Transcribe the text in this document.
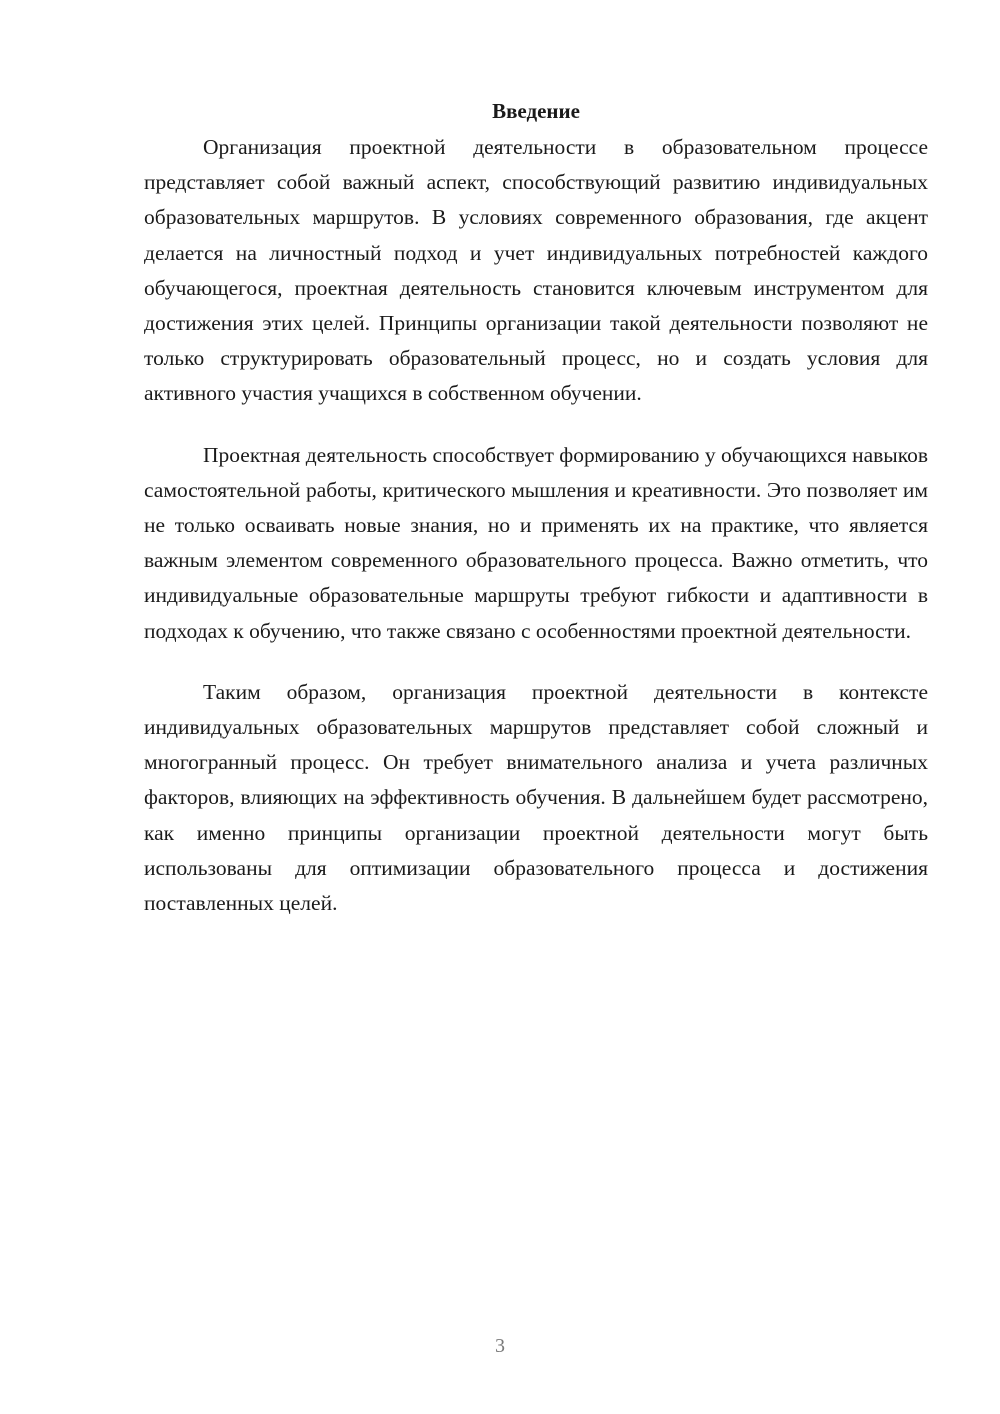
Введение

Организация проектной деятельности в образовательном процессе представляет собой важный аспект, способствующий развитию индивидуальных образовательных маршрутов. В условиях современного образования, где акцент делается на личностный подход и учет индивидуальных потребностей каждого обучающегося, проектная деятельность становится ключевым инструментом для достижения этих целей. Принципы организации такой деятельности позволяют не только структурировать образовательный процесс, но и создать условия для активного участия учащихся в собственном обучении.

Проектная деятельность способствует формированию у обучающихся навыков самостоятельной работы, критического мышления и креативности. Это позволяет им не только осваивать новые знания, но и применять их на практике, что является важным элементом современного образовательного процесса. Важно отметить, что индивидуальные образовательные маршруты требуют гибкости и адаптивности в подходах к обучению, что также связано с особенностями проектной деятельности.

Таким образом, организация проектной деятельности в контексте индивидуальных образовательных маршрутов представляет собой сложный и многогранный процесс. Он требует внимательного анализа и учета различных факторов, влияющих на эффективность обучения. В дальнейшем будет рассмотрено, как именно принципы организации проектной деятельности могут быть использованы для оптимизации образовательного процесса и достижения поставленных целей.

3
